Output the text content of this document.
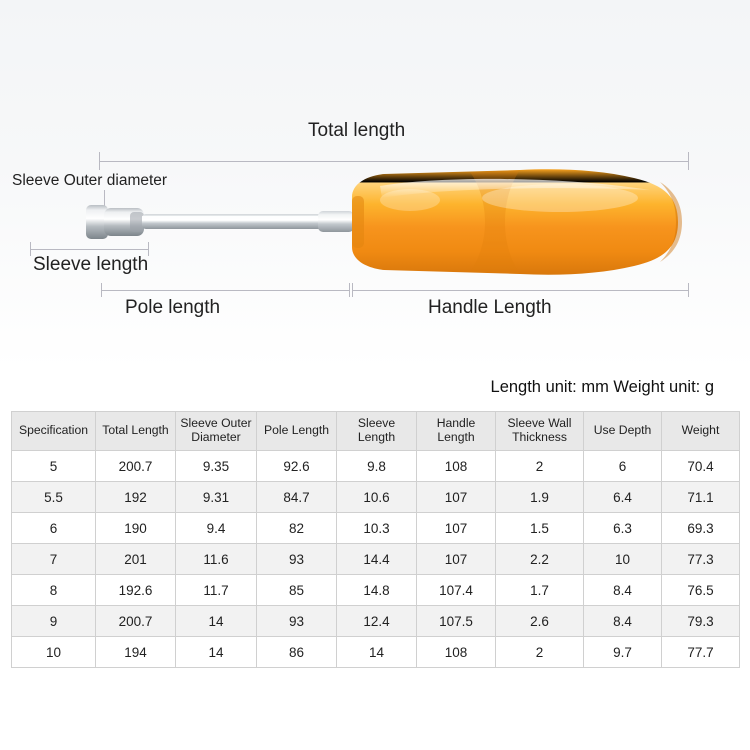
Total length
Sleeve Outer diameter
Sleeve length
Pole length	Handle Length
Length unit: mm Weight unit: g
Specification	Total Length	Sleeve Outer Diameter	Pole Length	Sleeve Length	Handle Length	Sleeve Wall Thickness	Use Depth	Weight
5	200.7	9.35	92.6	9.8	108	2	6	70.4
5.5	192	9.31	84.7	10.6	107	1.9	6.4	71.1
6	190	9.4	82	10.3	107	1.5	6.3	69.3
7	201	11.6	93	14.4	107	2.2	10	77.3
8	192.6	11.7	85	14.8	107.4	1.7	8.4	76.5
9	200.7	14	93	12.4	107.5	2.6	8.4	79.3
10	194	14	86	14	108	2	9.7	77.7
